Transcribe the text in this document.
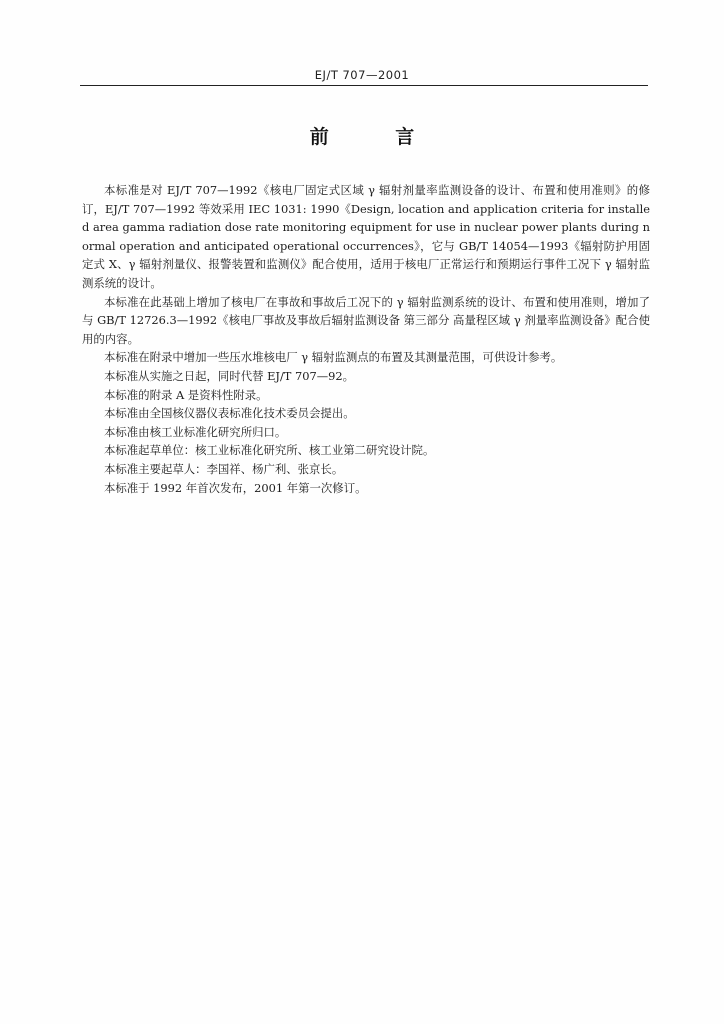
EJ/T 707—2001
前 言

本标准是对 EJ/T 707—1992《核电厂固定式区域 γ 辐射剂量率监测设备的设计、布置和使用准则》的修订，EJ/T 707—1992 等效采用 IEC 1031: 1990《Design, location and application criteria for installed area gamma radiation dose rate monitoring equipment for use in nuclear power plants during normal operation and anticipated operational occurrences》，它与 GB/T 14054—1993《辐射防护用固定式 X、γ 辐射剂量仪、报警装置和监测仪》配合使用，适用于核电厂正常运行和预期运行事件工况下 γ 辐射监测系统的设计。

本标准在此基础上增加了核电厂在事故和事故后工况下的 γ 辐射监测系统的设计、布置和使用准则，增加了与 GB/T 12726.3—1992《核电厂事故及事故后辐射监测设备 第三部分 高量程区域 γ 剂量率监测设备》配合使用的内容。

本标准在附录中增加一些压水堆核电厂 γ 辐射监测点的布置及其测量范围，可供设计参考。

本标准从实施之日起，同时代替 EJ/T 707—92。

本标准的附录 A 是资料性附录。

本标准由全国核仪器仪表标准化技术委员会提出。

本标准由核工业标准化研究所归口。

本标准起草单位：核工业标准化研究所、核工业第二研究设计院。

本标准主要起草人：李国祥、杨广利、张京长。

本标准于 1992 年首次发布，2001 年第一次修订。
